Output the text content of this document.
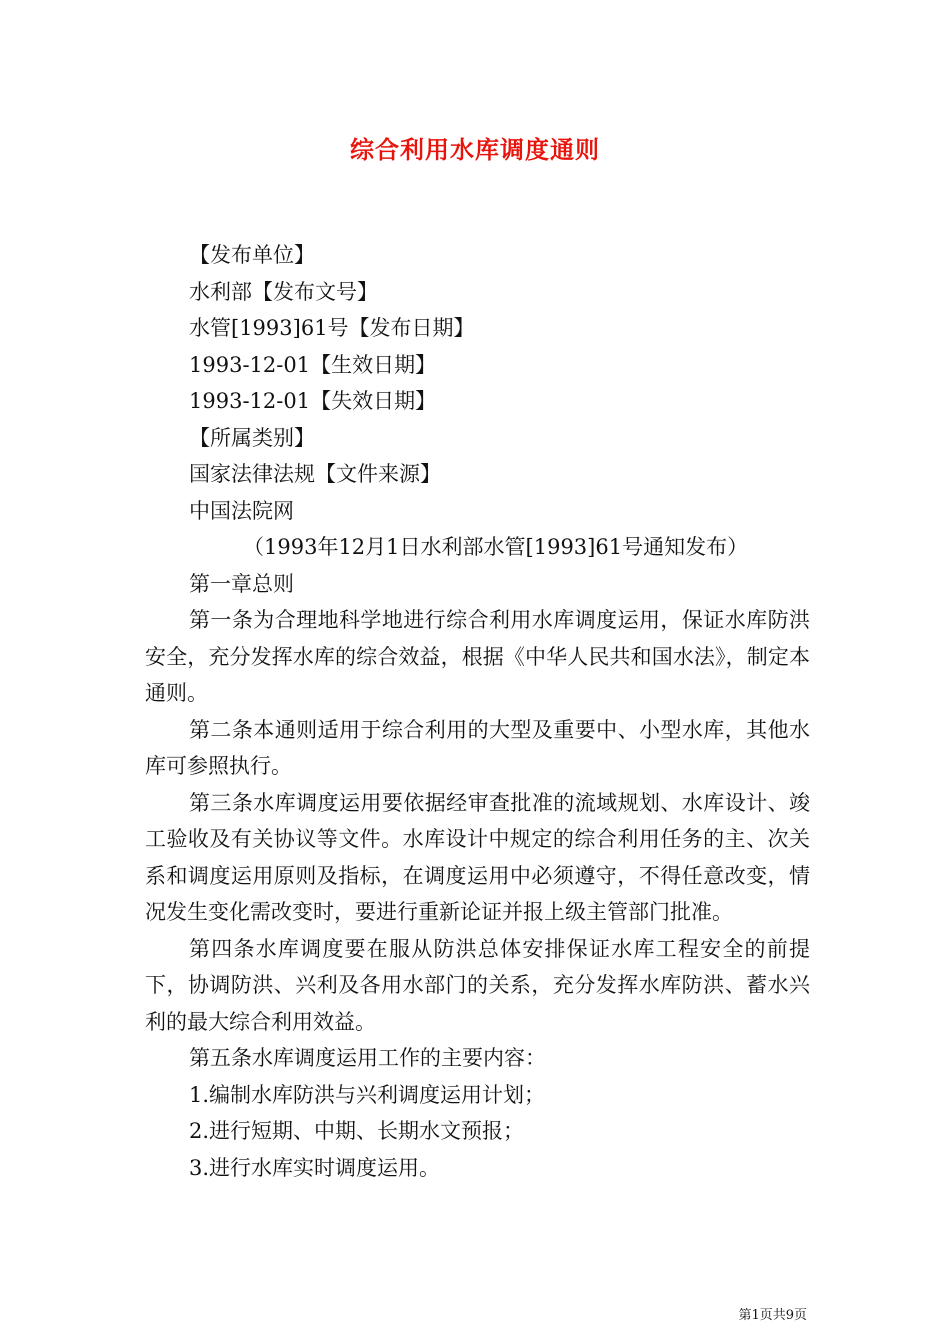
综合利用水库调度通则
【发布单位】
水利部【发布文号】
水管[1993]61号【发布日期】
1993-12-01【生效日期】
1993-12-01【失效日期】
【所属类别】
国家法律法规【文件来源】
中国法院网
（1993年12月1日水利部水管[1993]61号通知发布）
第一章总则
第一条为合理地科学地进行综合利用水库调度运用，保证水库防洪安全，充分发挥水库的综合效益，根据《中华人民共和国水法》，制定本通则。
第二条本通则适用于综合利用的大型及重要中、小型水库，其他水库可参照执行。
第三条水库调度运用要依据经审查批准的流域规划、水库设计、竣工验收及有关协议等文件。水库设计中规定的综合利用任务的主、次关系和调度运用原则及指标，在调度运用中必须遵守，不得任意改变，情况发生变化需改变时，要进行重新论证并报上级主管部门批准。
第四条水库调度要在服从防洪总体安排保证水库工程安全的前提下，协调防洪、兴利及各用水部门的关系，充分发挥水库防洪、蓄水兴利的最大综合利用效益。
第五条水库调度运用工作的主要内容：
1.编制水库防洪与兴利调度运用计划；
2.进行短期、中期、长期水文预报；
3.进行水库实时调度运用。
第1页共9页
